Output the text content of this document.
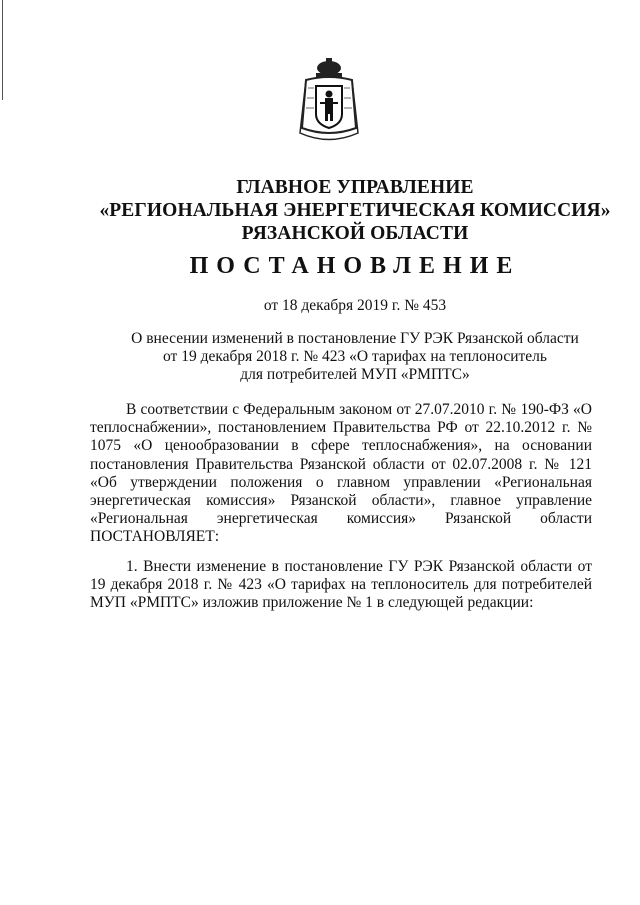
ГЛАВНОЕ УПРАВЛЕНИЕ
«РЕГИОНАЛЬНАЯ ЭНЕРГЕТИЧЕСКАЯ КОМИССИЯ»
РЯЗАНСКОЙ ОБЛАСТИ
ПОСТАНОВЛЕНИЕ
от 18 декабря 2019 г. № 453
О внесении изменений в постановление ГУ РЭК Рязанской области
от 19 декабря 2018 г. № 423 «О тарифах на теплоноситель
для потребителей МУП «РМПТС»
В соответствии с Федеральным законом от 27.07.2010 г. № 190-ФЗ «О теплоснабжении», постановлением Правительства РФ от 22.10.2012 г. № 1075 «О ценообразовании в сфере теплоснабжения», на основании постановления Правительства Рязанской области от 02.07.2008 г. № 121 «Об утверждении положения о главном управлении «Региональная энергетическая комиссия» Рязанской области», главное управление «Региональная энергетическая комиссия» Рязанской области ПОСТАНОВЛЯЕТ:
1. Внести изменение в постановление ГУ РЭК Рязанской области от 19 декабря 2018 г. № 423 «О тарифах на теплоноситель для потребителей МУП «РМПТС» изложив приложение № 1 в следующей редакции:
